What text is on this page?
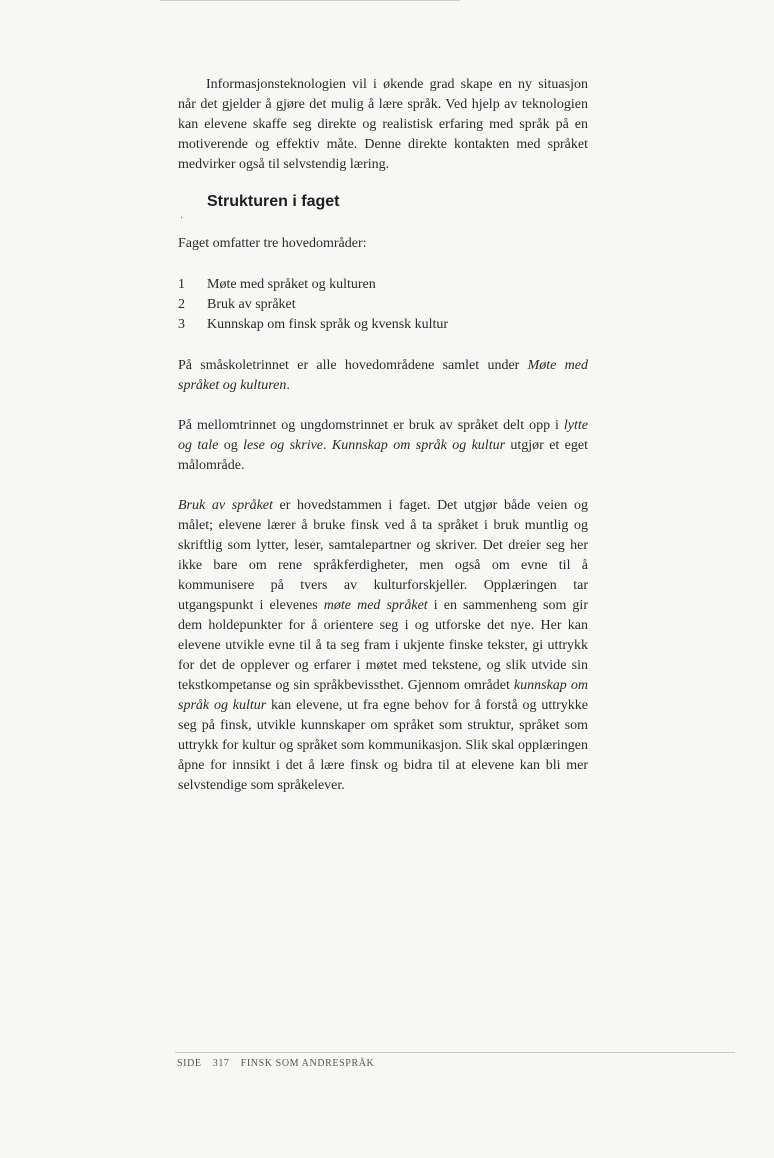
Informasjonsteknologien vil i økende grad skape en ny situasjon når det gjelder å gjøre det mulig å lære språk. Ved hjelp av teknologien kan elevene skaffe seg direkte og realistisk erfaring med språk på en motiverende og effektiv måte. Denne direkte kontakten med språket medvirker også til selvstendig læring.

Strukturen i faget
‘

Faget omfatter tre hovedområder:

1	Møte med språket og kulturen
2	Bruk av språket
3	Kunnskap om finsk språk og kvensk kultur

På småskoletrinnet er alle hovedområdene samlet under Møte med språket og kulturen.

På mellomtrinnet og ungdomstrinnet er bruk av språket delt opp i lytte og tale og lese og skrive. Kunnskap om språk og kultur utgjør et eget målområde.

Bruk av språket er hovedstammen i faget. Det utgjør både veien og målet; elevene lærer å bruke finsk ved å ta språket i bruk muntlig og skriftlig som lytter, leser, samtalepartner og skriver. Det dreier seg her ikke bare om rene språkferdigheter, men også om evne til å kommunisere på tvers av kulturforskjeller. Opplæringen tar utgangspunkt i elevenes møte med språket i en sammenheng som gir dem holdepunkter for å orientere seg i og utforske det nye. Her kan elevene utvikle evne til å ta seg fram i ukjente finske tekster, gi uttrykk for det de opplever og erfarer i møtet med tekstene, og slik utvide sin tekstkompetanse og sin språkbevissthet. Gjennom området kunnskap om språk og kultur kan elevene, ut fra egne behov for å forstå og uttrykke seg på finsk, utvikle kunnskaper om språket som struktur, språket som uttrykk for kultur og språket som kommunikasjon. Slik skal opplæringen åpne for innsikt i det å lære finsk og bidra til at elevene kan bli mer selvstendige som språkelever.

SIDE 317 FINSK SOM ANDRESPRÅK
